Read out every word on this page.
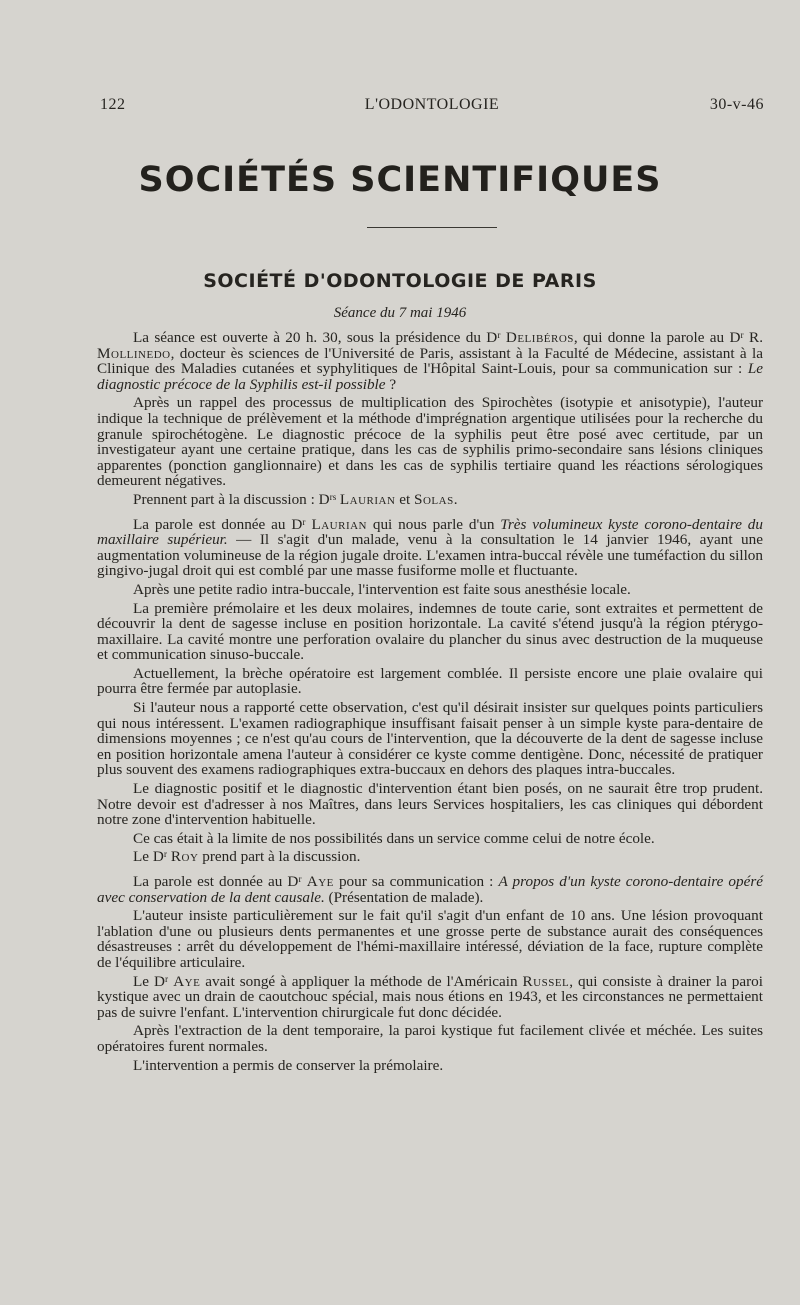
122	L'ODONTOLOGIE	30-v-46
SOCIÉTÉS SCIENTIFIQUES
SOCIÉTÉ D'ODONTOLOGIE DE PARIS
Séance du 7 mai 1946

La séance est ouverte à 20 h. 30, sous la présidence du Dʳ Delibéros, qui donne la parole au Dʳ R. Mollinedo, docteur ès sciences de l'Université de Paris, assistant à la Faculté de Médecine, assistant à la Clinique des Maladies cutanées et syphylitiques de l'Hôpital Saint-Louis, pour sa communication sur : Le diagnostic précoce de la Syphilis est-il possible ?

Après un rappel des processus de multiplication des Spirochètes (isotypie et anisotypie), l'auteur indique la technique de prélèvement et la méthode d'imprégnation argentique utilisées pour la recherche du granule spirochétogène. Le diagnostic précoce de la syphilis peut être posé avec certitude, par un investigateur ayant une certaine pratique, dans les cas de syphilis primo-secondaire sans lésions cliniques apparentes (ponction ganglionnaire) et dans les cas de syphilis tertiaire quand les réactions sérologiques demeurent négatives.

Prennent part à la discussion : Dʳˢ Laurian et Solas.

La parole est donnée au Dʳ Laurian qui nous parle d'un Très volumineux kyste corono-dentaire du maxillaire supérieur. — Il s'agit d'un malade, venu à la consultation le 14 janvier 1946, ayant une augmentation volumineuse de la région jugale droite. L'examen intra-buccal révèle une tuméfaction du sillon gingivo-jugal droit qui est comblé par une masse fusiforme molle et fluctuante.

Après une petite radio intra-buccale, l'intervention est faite sous anesthésie locale.

La première prémolaire et les deux molaires, indemnes de toute carie, sont extraites et permettent de découvrir la dent de sagesse incluse en position horizontale. La cavité s'étend jusqu'à la région ptérygo-maxillaire. La cavité montre une perforation ovalaire du plancher du sinus avec destruction de la muqueuse et communication sinuso-buccale.

Actuellement, la brèche opératoire est largement comblée. Il persiste encore une plaie ovalaire qui pourra être fermée par autoplasie.

Si l'auteur nous a rapporté cette observation, c'est qu'il désirait insister sur quelques points particuliers qui nous intéressent. L'examen radiographique insuffisant faisait penser à un simple kyste para-dentaire de dimensions moyennes ; ce n'est qu'au cours de l'intervention, que la découverte de la dent de sagesse incluse en position horizontale amena l'auteur à considérer ce kyste comme dentigène. Donc, nécessité de pratiquer plus souvent des examens radiographiques extra-buccaux en dehors des plaques intra-buccales.

Le diagnostic positif et le diagnostic d'intervention étant bien posés, on ne saurait être trop prudent. Notre devoir est d'adresser à nos Maîtres, dans leurs Services hospitaliers, les cas cliniques qui débordent notre zone d'intervention habituelle.

Ce cas était à la limite de nos possibilités dans un service comme celui de notre école.

Le Dʳ Roy prend part à la discussion.

La parole est donnée au Dʳ Aye pour sa communication : A propos d'un kyste corono-dentaire opéré avec conservation de la dent causale. (Présentation de malade).

L'auteur insiste particulièrement sur le fait qu'il s'agit d'un enfant de 10 ans. Une lésion provoquant l'ablation d'une ou plusieurs dents permanentes et une grosse perte de substance aurait des conséquences désastreuses : arrêt du développement de l'hémi-maxillaire intéressé, déviation de la face, rupture complète de l'équilibre articulaire.

Le Dʳ Aye avait songé à appliquer la méthode de l'Américain Russel, qui consiste à drainer la paroi kystique avec un drain de caoutchouc spécial, mais nous étions en 1943, et les circonstances ne permettaient pas de suivre l'enfant. L'intervention chirurgicale fut donc décidée.

Après l'extraction de la dent temporaire, la paroi kystique fut facilement clivée et méchée. Les suites opératoires furent normales.

L'intervention a permis de conserver la prémolaire.
